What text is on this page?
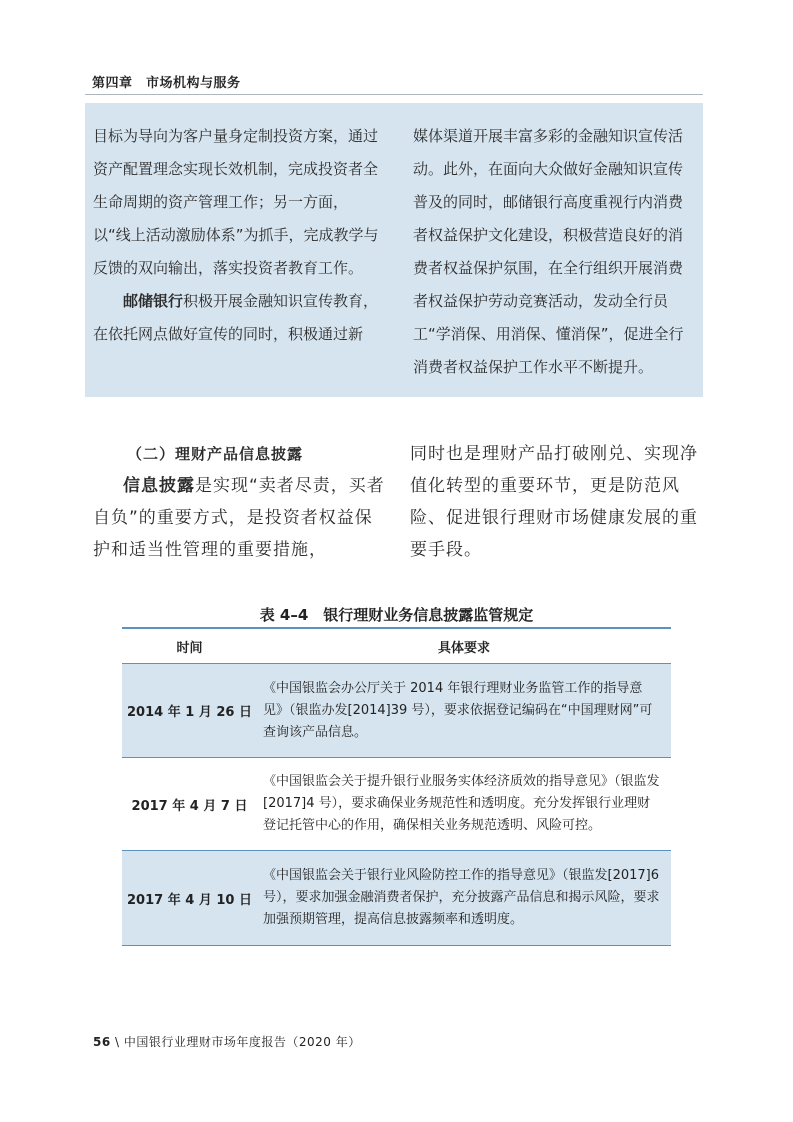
第四章　市场机构与服务

目标为导向为客户量身定制投资方案，通过资产配置理念实现长效机制，完成投资者全生命周期的资产管理工作；另一方面，以“线上活动激励体系”为抓手，完成教学与反馈的双向输出，落实投资者教育工作。

邮储银行积极开展金融知识宣传教育，在依托网点做好宣传的同时，积极通过新

媒体渠道开展丰富多彩的金融知识宣传活动。此外，在面向大众做好金融知识宣传普及的同时，邮储银行高度重视行内消费者权益保护文化建设，积极营造良好的消费者权益保护氛围，在全行组织开展消费者权益保护劳动竞赛活动，发动全行员工“学消保、用消保、懂消保”，促进全行消费者权益保护工作水平不断提升。

（二）理财产品信息披露

信息披露是实现“卖者尽责，买者自负”的重要方式，是投资者权益保护和适当性管理的重要措施，

同时也是理财产品打破刚兑、实现净值化转型的重要环节，更是防范风险、促进银行理财市场健康发展的重要手段。

表 4–4　银行理财业务信息披露监管规定
时间	具体要求
2014 年 1 月 26 日	《中国银监会办公厅关于 2014 年银行理财业务监管工作的指导意见》（银监办发[2014]39 号），要求依据登记编码在“中国理财网”可查询该产品信息。
2017 年 4 月 7 日	《中国银监会关于提升银行业服务实体经济质效的指导意见》（银监发[2017]4 号），要求确保业务规范性和透明度。充分发挥银行业理财登记托管中心的作用，确保相关业务规范透明、风险可控。
2017 年 4 月 10 日	《中国银监会关于银行业风险防控工作的指导意见》（银监发[2017]6 号），要求加强金融消费者保护，充分披露产品信息和揭示风险，要求加强预期管理，提高信息披露频率和透明度。
56 \ 中国银行业理财市场年度报告（2020 年）
